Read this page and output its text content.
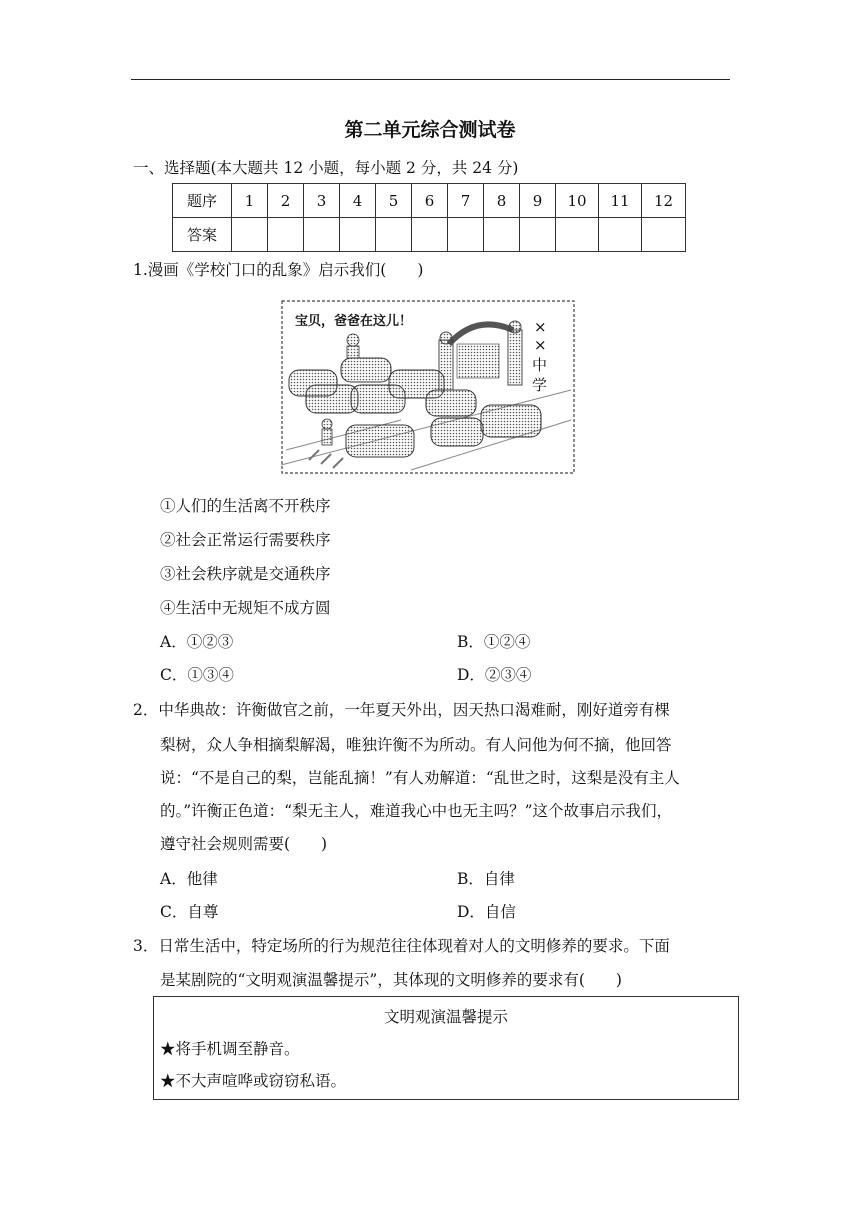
第二单元综合测试卷
一、选择题(本大题共 12 小题，每小题 2 分，共 24 分)
题序	1	2	3	4	5	6	7	8	9	10	11	12
答案												
1.漫画《学校门口的乱象》启示我们(　　)
宝贝，爸爸在这儿！	×
×
中
学
①人们的生活离不开秩序
②社会正常运行需要秩序
③社会秩序就是交通秩序
④生活中无规矩不成方圆
A．①②③	B．①②④
C．①③④	D．②③④
2．中华典故：许衡做官之前，一年夏天外出，因天热口渴难耐，刚好道旁有棵
梨树，众人争相摘梨解渴，唯独许衡不为所动。有人问他为何不摘，他回答
说：“不是自己的梨，岂能乱摘！”有人劝解道：“乱世之时，这梨是没有主人
的。”许衡正色道：“梨无主人，难道我心中也无主吗？”这个故事启示我们，
遵守社会规则需要(　　)
A．他律	B．自律
C．自尊	D．自信
3．日常生活中，特定场所的行为规范往往体现着对人的文明修养的要求。下面
是某剧院的“文明观演温馨提示”，其体现的文明修养的要求有(　　)
文明观演温馨提示
★将手机调至静音。
★不大声喧哗或窃窃私语。
